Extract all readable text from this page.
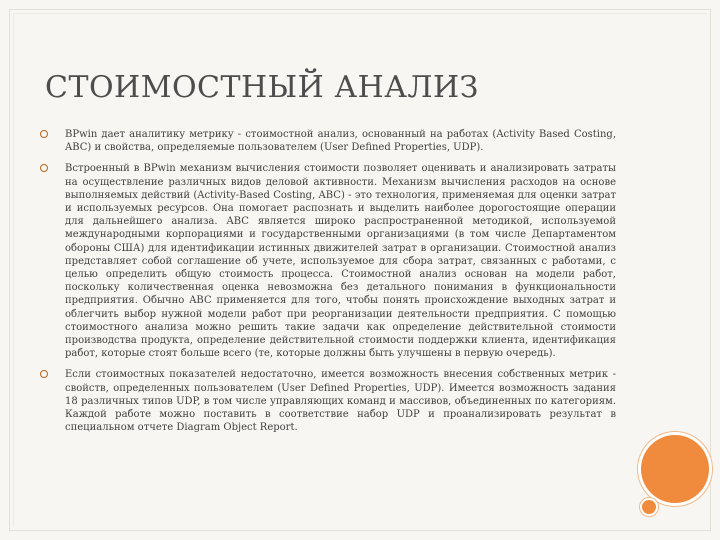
СТОИМОСТНЫЙ АНАЛИЗ
BPwin дает аналитику метрику - стоимостной анализ, основанный на работах (Activity Based Costing, ABC) и свойства, определяемые пользователем (User Defined Properties, UDP).
Встроенный в BPwin механизм вычисления стоимости позволяет оценивать и анализировать затраты на осуществление различных видов деловой активности. Механизм вычисления расходов на основе выполняемых действий (Activity-Based Costing, ABC) - это технология, применяемая для оценки затрат и используемых ресурсов. Она помогает распознать и выделить наиболее дорогостоящие операции для дальнейшего анализа. ABC является широко распространенной методикой, используемой международными корпорациями и государственными организациями (в том числе Департаментом обороны США) для идентификации истинных движителей затрат в организации. Стоимостной анализ представляет собой соглашение об учете, используемое для сбора затрат, связанных с работами, с целью определить общую стоимость процесса. Стоимостной анализ основан на модели работ, поскольку количественная оценка невозможна без детального понимания в функциональности предприятия. Обычно ABC применяется для того, чтобы понять происхождение выходных затрат и облегчить выбор нужной модели работ при реорганизации деятельности предприятия. С помощью стоимостного анализа можно решить такие задачи как определение действительной стоимости производства продукта, определение действительной стоимости поддержки клиента, идентификация работ, которые стоят больше всего (те, которые должны быть улучшены в первую очередь).
Если стоимостных показателей недостаточно, имеется возможность внесения собственных метрик - свойств, определенных пользователем (User Defined Properties, UDP). Имеется возможность задания 18 различных типов UDP, в том числе управляющих команд и массивов, объединенных по категориям. Каждой работе можно поставить в соответствие набор UDP и проанализировать результат в специальном отчете Diagram Object Report.
